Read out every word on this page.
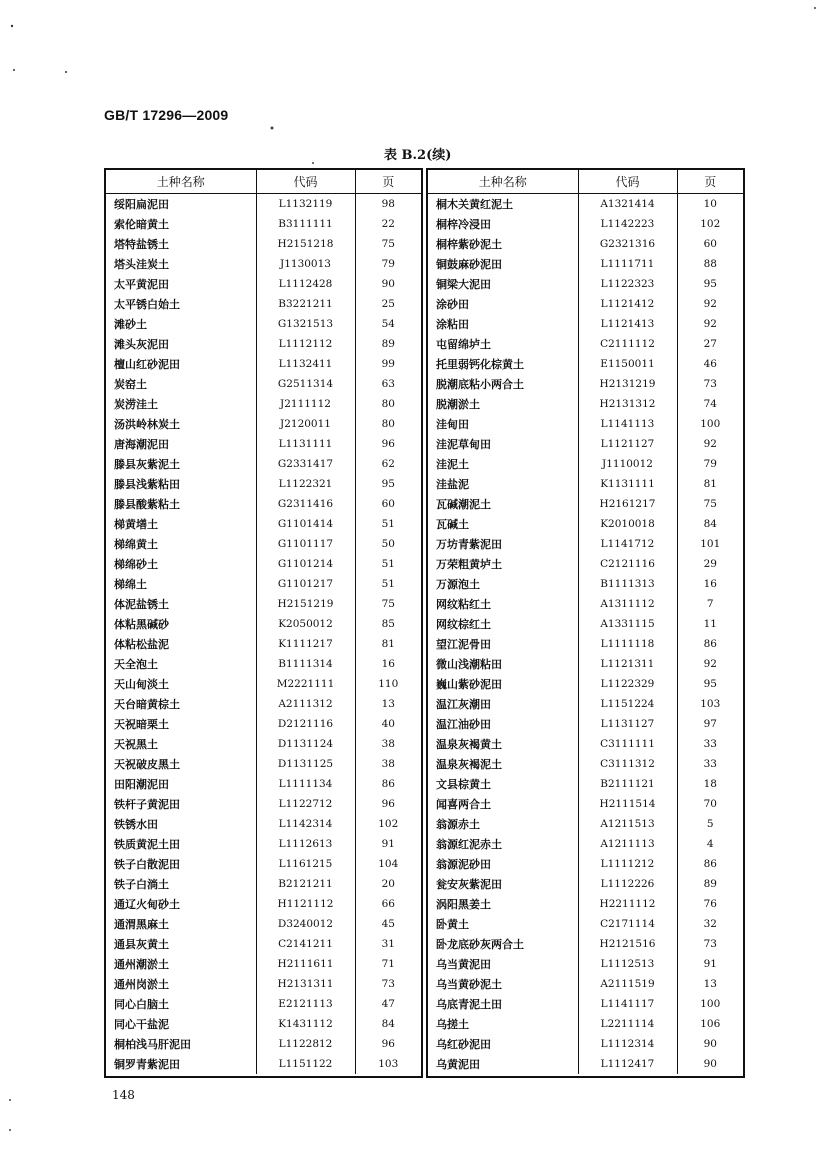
GB/T 17296—2009
表 B.2(续)
土种名称	代码	页
绥阳扁泥田	L1132119	98
索伦暗黄土	B3111111	22
塔特盐锈土	H2151218	75
塔头洼炭土	J1130013	79
太平黄泥田	L1112428	90
太平锈白始土	B3221211	25
滩砂土	G1321513	54
滩头灰泥田	L1112112	89
檀山红砂泥田	L1132411	99
炭窑土	G2511314	63
炭涝洼土	J2111112	80
汤洪岭林炭土	J2120011	80
唐海潮泥田	L1131111	96
滕县灰紫泥土	G2331417	62
滕县浅紫粘田	L1122321	95
滕县酸紫粘土	G2311416	60
梯黄墡土	G1101414	51
梯绵黄土	G1101117	50
梯绵砂土	G1101214	51
梯绵土	G1101217	51
体泥盐锈土	H2151219	75
体粘黑碱砂	K2050012	85
体粘松盐泥	K1111217	81
天全泡土	B1111314	16
天山甸淡土	M2221111	110
天台暗黄棕土	A2111312	13
天祝暗栗土	D2121116	40
天祝黑土	D1131124	38
天祝破皮黑土	D1131125	38
田阳潮泥田	L1111134	86
铁杆子黄泥田	L1122712	96
铁锈水田	L1142314	102
铁质黄泥土田	L1112613	91
铁子白散泥田	L1161215	104
铁子白淌土	B2121211	20
通辽火甸砂土	H1121112	66
通渭黑麻土	D3240012	45
通县灰黄土	C2141211	31
通州潮淤土	H2111611	71
通州岗淤土	H2131311	73
同心白脑土	E2121113	47
同心干盐泥	K1431112	84
桐柏浅马肝泥田	L1122812	96
铜罗青紫泥田	L1151122	103
土种名称	代码	页
桐木关黄红泥土	A1321414	10
桐梓冷浸田	L1142223	102
桐梓紫砂泥土	G2321316	60
铜鼓麻砂泥田	L1111711	88
铜梁大泥田	L1122323	95
涂砂田	L1121412	92
涂粘田	L1121413	92
屯留绵垆土	C2111112	27
托里弱钙化棕黄土	E1150011	46
脱潮底粘小两合土	H2131219	73
脱潮淤土	H2131312	74
洼甸田	L1141113	100
洼泥草甸田	L1121127	92
洼泥土	J1110012	79
洼盐泥	K1131111	81
瓦碱潮泥土	H2161217	75
瓦碱土	K2010018	84
万坊青紫泥田	L1141712	101
万荣粗黄垆土	C2121116	29
万源泡土	B1111313	16
网纹粘红土	A1311112	7
网纹棕红土	A1331115	11
望江泥骨田	L1111118	86
微山浅潮粘田	L1121311	92
巍山紫砂泥田	L1122329	95
温江灰潮田	L1151224	103
温江油砂田	L1131127	97
温泉灰褐黄土	C3111111	33
温泉灰褐泥土	C3111312	33
文县棕黄土	B2111121	18
闻喜两合土	H2111514	70
翁源赤土	A1211513	5
翁源红泥赤土	A1211113	4
翁源泥砂田	L1111212	86
瓮安灰紫泥田	L1112226	89
涡阳黑姜土	H2211112	76
卧黄土	C2171114	32
卧龙底砂灰两合土	H2121516	73
乌当黄泥田	L1112513	91
乌当黄砂泥土	A2111519	13
乌底青泥土田	L1141117	100
乌搓土	L2211114	106
乌红砂泥田	L1112314	90
乌黄泥田	L1112417	90
148
